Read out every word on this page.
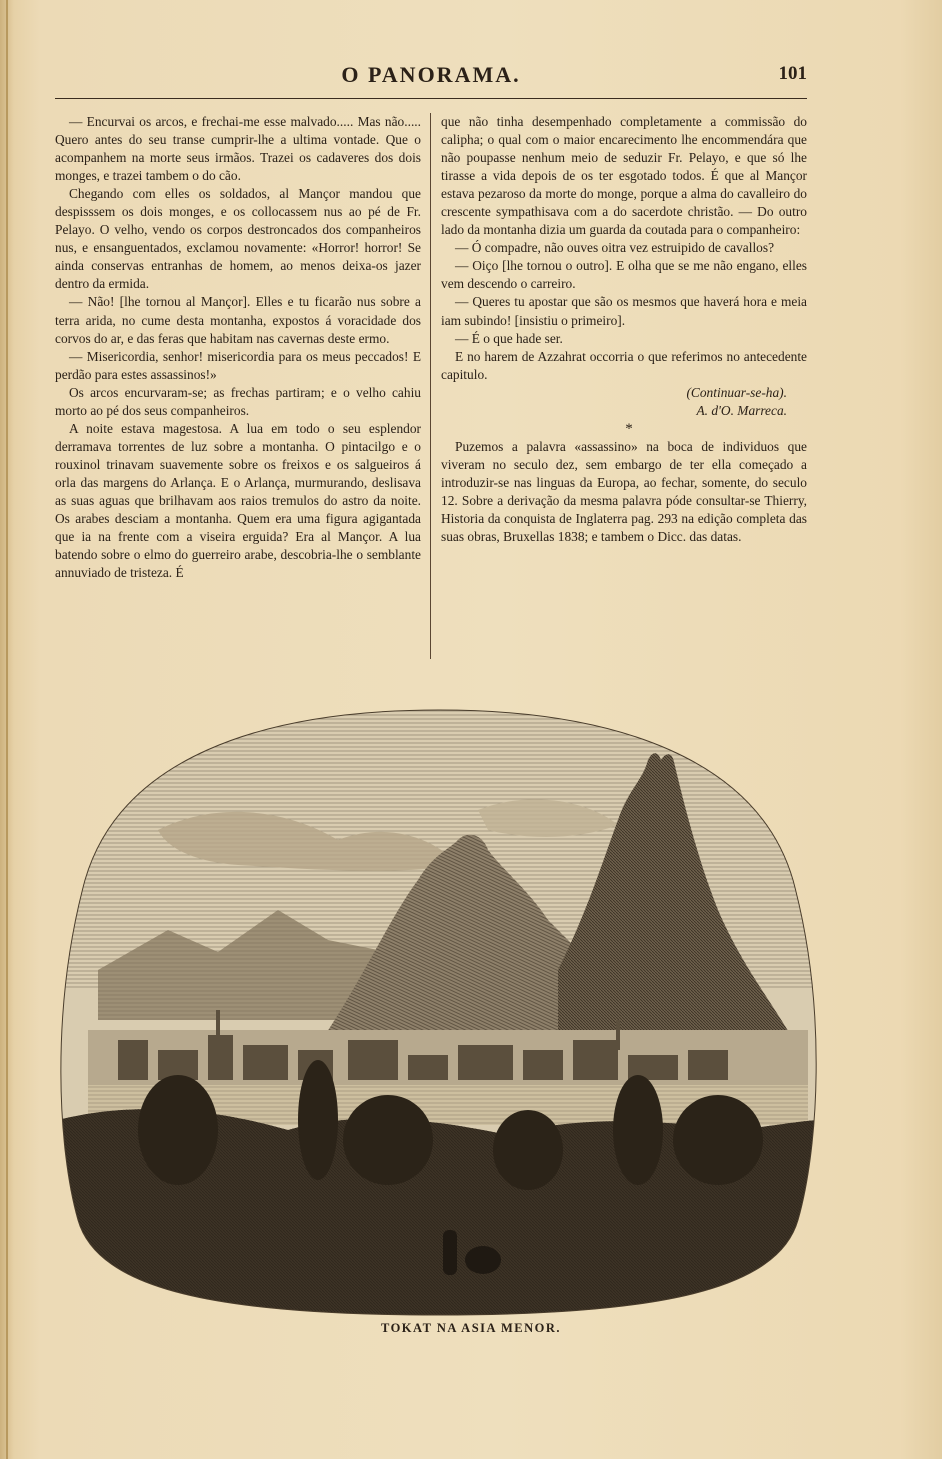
O PANORAMA.	101

— Encurvai os arcos, e frechai-me esse malvado..... Mas não..... Quero antes do seu transe cumprir-lhe a ultima vontade. Que o acompanhem na morte seus irmãos. Trazei os cadaveres dos dois monges, e trazei tambem o do cão.

Chegando com elles os soldados, al Mançor mandou que despisssem os dois monges, e os collocassem nus ao pé de Fr. Pelayo. O velho, vendo os corpos destroncados dos companheiros nus, e ensanguentados, exclamou novamente: «Horror! horror! Se ainda conservas entranhas de homem, ao menos deixa-os jazer dentro da ermida.

— Não! [lhe tornou al Mançor]. Elles e tu ficarão nus sobre a terra arida, no cume desta montanha, expostos á voracidade dos corvos do ar, e das feras que habitam nas cavernas deste ermo.

— Misericordia, senhor! misericordia para os meus peccados! E perdão para estes assassinos!»

Os arcos encurvaram-se; as frechas partiram; e o velho cahiu morto ao pé dos seus companheiros.

A noite estava magestosa. A lua em todo o seu esplendor derramava torrentes de luz sobre a montanha. O pintacilgo e o rouxinol trinavam suavemente sobre os freixos e os salgueiros á orla das margens do Arlança. E o Arlança, murmurando, deslisava as suas aguas que brilhavam aos raios tremulos do astro da noite. Os arabes desciam a montanha. Quem era uma figura agigantada que ia na frente com a viseira erguida? Era al Mançor. A lua batendo sobre o elmo do guerreiro arabe, descobria-lhe o semblante annuviado de tristeza. É

que não tinha desempenhado completamente a commissão do calipha; o qual com o maior encarecimento lhe encommendára que não poupasse nenhum meio de seduzir Fr. Pelayo, e que só lhe tirasse a vida depois de os ter esgotado todos. É que al Mançor estava pezaroso da morte do monge, porque a alma do cavalleiro do crescente sympathisava com a do sacerdote christão. — Do outro lado da montanha dizia um guarda da coutada para o companheiro:

— Ó compadre, não ouves oitra vez estruipido de cavallos?

— Oiço [lhe tornou o outro]. E olha que se me não engano, elles vem descendo o carreiro.

— Queres tu apostar que são os mesmos que haverá hora e meia iam subindo! [insistiu o primeiro].

— É o que hade ser.

E no harem de Azzahrat occorria o que referimos no antecedente capitulo.

(Continuar-se-ha).

A. d'O. Marreca.

*

Puzemos a palavra «assassino» na boca de individuos que viveram no seculo dez, sem embargo de ter ella começado a introduzir-se nas linguas da Europa, ao fechar, somente, do seculo 12. Sobre a derivação da mesma palavra póde consultar-se Thierry, Historia da conquista de Inglaterra pag. 293 na edição completa das suas obras, Bruxellas 1838; e tambem o Dicc. das datas.

TOKAT NA ASIA MENOR.
